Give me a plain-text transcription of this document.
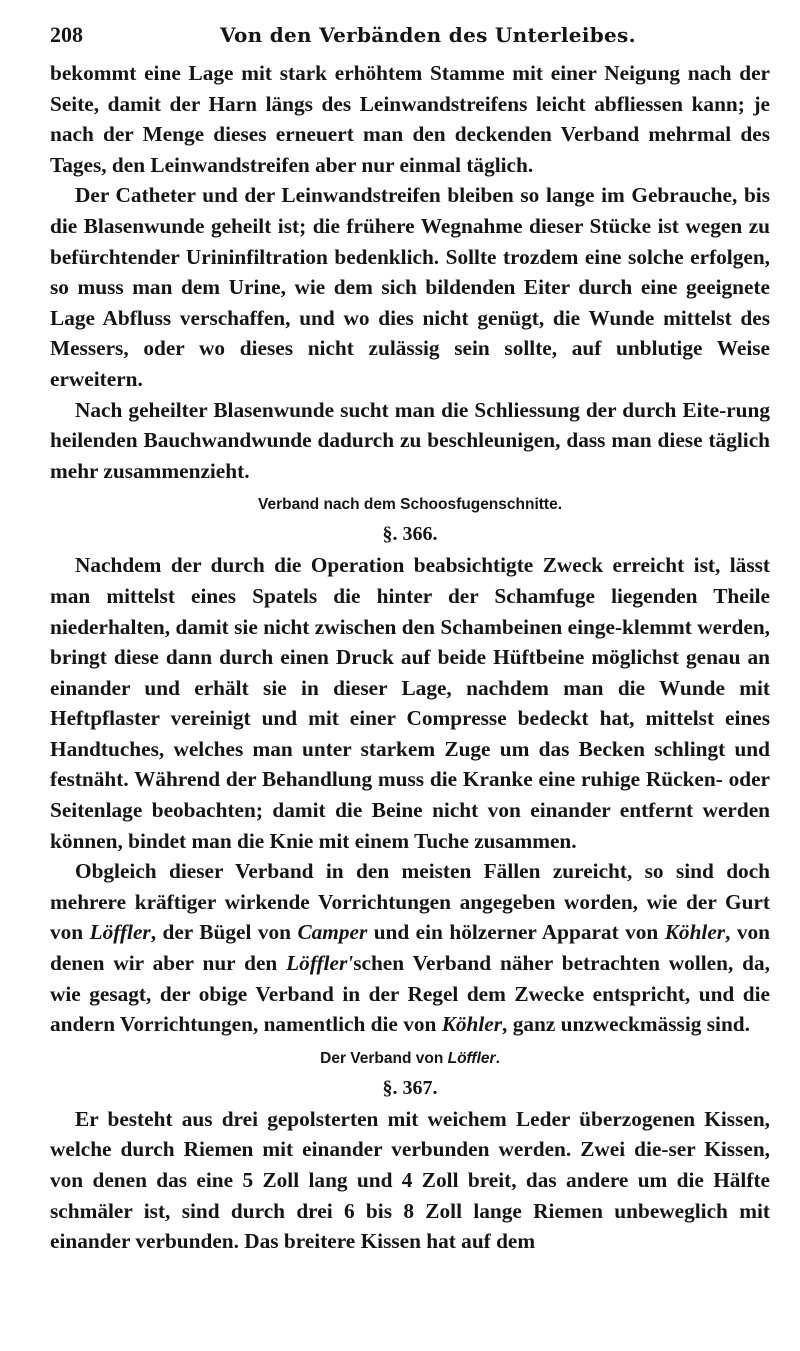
208	Von den Verbänden des Unterleibes.

bekommt eine Lage mit stark erhöhtem Stamme mit einer Neigung nach der Seite, damit der Harn längs des Leinwandstreifens leicht abfliessen kann; je nach der Menge dieses erneuert man den deckenden Verband mehrmal des Tages, den Leinwandstreifen aber nur einmal täglich.

Der Catheter und der Leinwandstreifen bleiben so lange im Gebrauche, bis die Blasenwunde geheilt ist; die frühere Wegnahme dieser Stücke ist wegen zu befürchtender Urininfiltration bedenklich. Sollte trozdem eine solche erfolgen, so muss man dem Urine, wie dem sich bildenden Eiter durch eine geeignete Lage Abfluss verschaffen, und wo dies nicht genügt, die Wunde mittelst des Messers, oder wo dieses nicht zulässig sein sollte, auf unblutige Weise erweitern.

Nach geheilter Blasenwunde sucht man die Schliessung der durch Eite-rung heilenden Bauchwandwunde dadurch zu beschleunigen, dass man diese täglich mehr zusammenzieht.

Verband nach dem Schoosfugenschnitte.
§. 366.

Nachdem der durch die Operation beabsichtigte Zweck erreicht ist, lässt man mittelst eines Spatels die hinter der Schamfuge liegenden Theile niederhalten, damit sie nicht zwischen den Schambeinen einge-klemmt werden, bringt diese dann durch einen Druck auf beide Hüftbeine möglichst genau an einander und erhält sie in dieser Lage, nachdem man die Wunde mit Heftpflaster vereinigt und mit einer Compresse bedeckt hat, mittelst eines Handtuches, welches man unter starkem Zuge um das Becken schlingt und festnäht. Während der Behandlung muss die Kranke eine ruhige Rücken- oder Seitenlage beobachten; damit die Beine nicht von einander entfernt werden können, bindet man die Knie mit einem Tuche zusammen.

Obgleich dieser Verband in den meisten Fällen zureicht, so sind doch mehrere kräftiger wirkende Vorrichtungen angegeben worden, wie der Gurt von Löffler, der Bügel von Camper und ein hölzerner Apparat von Köhler, von denen wir aber nur den Löffler'schen Verband näher betrachten wollen, da, wie gesagt, der obige Verband in der Regel dem Zwecke entspricht, und die andern Vorrichtungen, namentlich die von Köhler, ganz unzweckmässig sind.

Der Verband von Löffler.
§. 367.

Er besteht aus drei gepolsterten mit weichem Leder überzogenen Kissen, welche durch Riemen mit einander verbunden werden. Zwei die-ser Kissen, von denen das eine 5 Zoll lang und 4 Zoll breit, das andere um die Hälfte schmäler ist, sind durch drei 6 bis 8 Zoll lange Riemen unbeweglich mit einander verbunden. Das breitere Kissen hat auf dem
